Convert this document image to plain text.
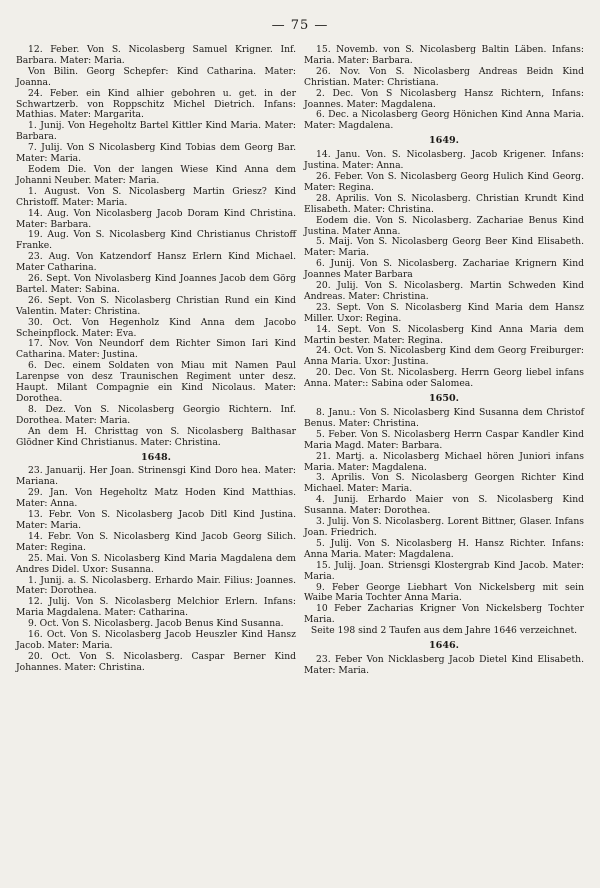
— 75 —

12. Feber. Von S. Nicolasberg Samuel Krigner. Inf. Barbara. Mater: Maria.

Von Bilin. Georg Schepfer: Kind Catharina. Mater: Joanna.

24. Feber. ein Kind alhier gebohren u. get. in der Schwartzerb. von Roppschitz Michel Dietrich. Infans: Mathias. Mater: Margarita.

1. Junij. Von Hegeholtz Bartel Kittler Kind Maria. Mater: Barbara.

7. Julij. Von S Nicolasberg Kind Tobias dem Georg Bar. Mater: Maria.

Eodem Die. Von der langen Wiese Kind Anna dem Johanni Neuber. Mater: Maria.

1. August. Von S. Nicolasberg Martin Griesz? Kind Christoff. Mater: Maria.

14. Aug. Von Nicolasberg Jacob Doram Kind Christina. Mater: Barbara.

19. Aug. Von S. Nicolasberg Kind Christianus Christoff Franke.

23. Aug. Von Katzendorf Hansz Erlern Kind Michael. Mater Catharina.

26. Sept. Von Nivolasberg Kind Joannes Jacob dem Görg Bartel. Mater: Sabina.

26. Sept. Von S. Nicolasberg Christian Rund ein Kind Valentin. Mater: Christina.

30. Oct. Von Hegenholz Kind Anna dem Jacobo Scheinpflock. Mater: Eva.

17. Nov. Von Neundorf dem Richter Simon Iari Kind Catharina. Mater: Justina.

6. Dec. einem Soldaten von Miau mit Namen Paul Larenpse von desz Traunischen Regiment unter desz. Haupt. Milant Compagnie ein Kind Nicolaus. Mater: Dorothea.

8. Dez. Von S. Nicolasberg Georgio Richtern. Inf. Dorothea. Mater: Maria.

An dem H. Christtag von S. Nicolasberg Balthasar Glödner Kind Christianus. Mater: Christina.

1648.

23. Januarij. Her Joan. Strinensgi Kind Doro hea. Mater: Mariana.

29. Jan. Von Hegeholtz Matz Hoden Kind Matthias. Mater: Anna.

13. Febr. Von S. Nicolasberg Jacob Ditl Kind Justina. Mater: Maria.

14. Febr. Von S. Nicolasberg Kind Jacob Georg Silich. Mater: Regina.

25. Mai. Von S. Nicolasberg Kind Maria Magdalena dem Andres Didel. Uxor: Susanna.

1. Junij. a. S. Nicolasberg. Erhardo Mair. Filius: Joannes. Mater: Dorothea.

12. Julij. Von S. Nicolasberg Melchior Erlern. Infans: Maria Magdalena. Mater: Catharina.

9. Oct. Von S. Nicolasberg. Jacob Benus Kind Susanna.

16. Oct. Von S. Nicolasberg Jacob Heuszler Kind Hansz Jacob. Mater: Maria.

20. Oct. Von S. Nicolasberg. Caspar Berner Kind Johannes. Mater: Christina.

15. Novemb. von S. Nicolasberg Baltin Läben. Infans: Maria. Mater: Barbara.

26. Nov. Von S. Nicolasberg Andreas Beidn Kind Christian. Mater: Christiana.

2. Dec. Von S Nicolasberg Hansz Richtern, Infans: Joannes. Mater: Magdalena.

6. Dec. a Nicolasberg Georg Hönichen Kind Anna Maria. Mater: Magdalena.

1649.

14. Janu. Von. S. Nicolasberg. Jacob Krigener. Infans: Justina. Mater: Anna.

26. Feber. Von S. Nicolasberg Georg Hulich Kind Georg. Mater: Regina.

28. Aprilis. Von S. Nicolasberg. Christian Krundt Kind Elisabeth. Mater: Christina.

Eodem die. Von S. Nicolasberg. Zachariae Benus Kind Justina. Mater Anna.

5. Maij. Von S. Nicolasberg Georg Beer Kind Elisabeth. Mater: Maria.

6. Junij. Von S. Nicolasberg. Zachariae Krignern Kind Joannes Mater Barbara

20. Julij. Von S. Nicolasberg. Martin Schweden Kind Andreas. Mater: Christina.

23. Sept. Von S. Nicolasberg Kind Maria dem Hansz Miller. Uxor: Regina.

14. Sept. Von S. Nicolasberg Kind Anna Maria dem Martin bester. Mater: Regina.

24. Oct. Von S. Nicolasberg Kind dem Georg Freiburger: Anna Maria. Uxor: Justina.

20. Dec. Von St. Nicolasberg. Herrn Georg liebel infans Anna. Mater:: Sabina oder Salomea.

1650.

8. Janu.: Von S. Nicolasberg Kind Susanna dem Christof Benus. Mater: Christina.

5. Feber. Von S. Nicolasberg Herrn Caspar Kandler Kind Maria Magd. Mater: Barbara.

21. Martj. a. Nicolasberg Michael hören Juniori infans Maria. Mater: Magdalena.

3. Aprilis. Von S. Nicolasberg Georgen Richter Kind Michael. Mater: Maria.

4. Junij. Erhardo Maier von S. Nicolasberg Kind Susanna. Mater: Dorothea.

3. Julij. Von S. Nicolasberg. Lorent Bittner, Glaser. Infans Joan. Friedrich.

5. Julij. Von S. Nicolasberg H. Hansz Richter. Infans: Anna Maria. Mater: Magdalena.

15. Julij. Joan. Striensgi Klostergrab Kind Jacob. Mater: Maria.

9. Feber George Liebhart Von Nickelsberg mit sein Waibe Maria Tochter Anna Maria.

10 Feber Zacharias Krigner Von Nickelsberg Tochter Maria.

Seite 198 sind 2 Taufen aus dem Jahre 1646 verzeichnet.

1646.

23. Feber Von Nicklasberg Jacob Dietel Kind Elisabeth. Mater: Maria.
